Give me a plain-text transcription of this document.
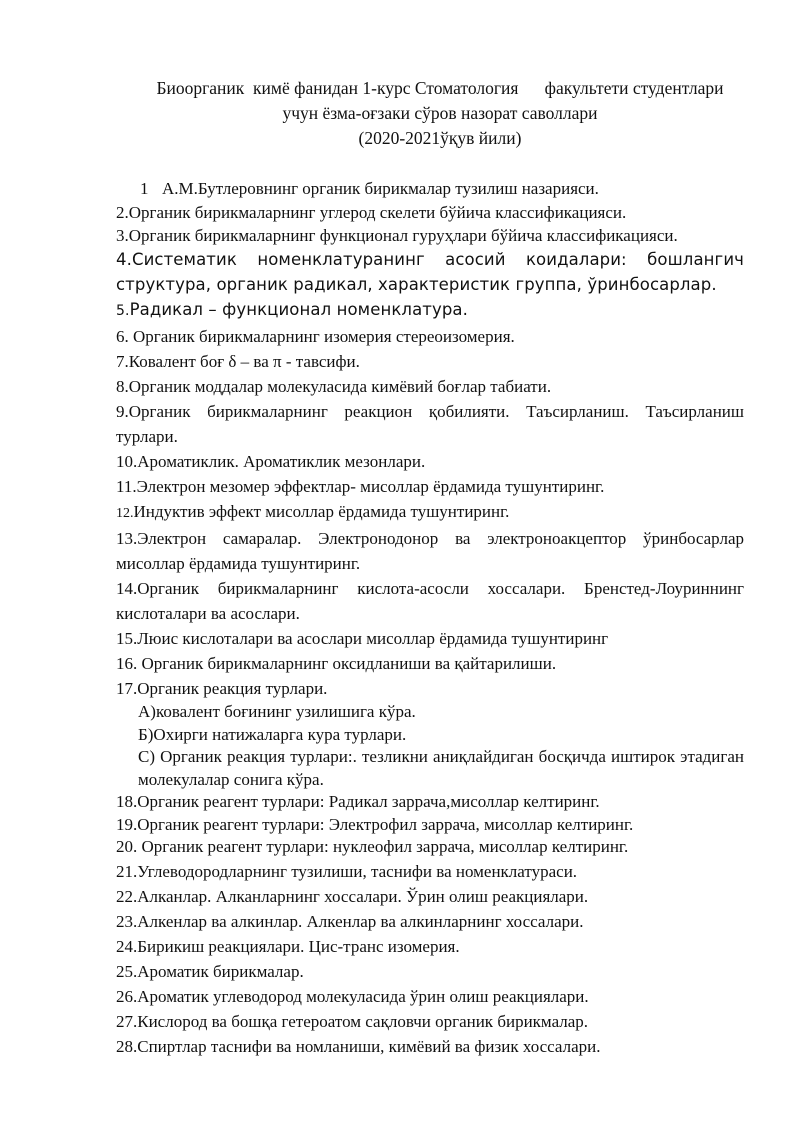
Биоорганик  кимё фанидан 1-курс Стоматология      факультети студентлари
учун ёзма-оғзаки сўров назорат саволлари
(2020-2021ўқув йили)
1 А.М.Бутлеровнинг органик бирикмалар тузилиш назарияси.
2.Органик бирикмаларнинг углерод скелети бўйича классификацияси.
3.Органик бирикмаларнинг функционал гуруҳлари бўйича классификацияси.
4.Систематик номенклатуранинг асосий коидалари: бошлангич структура, органик радикал, характеристик группа, ўринбосарлар.
5.Радикал – функционал номенклатура.
6. Органик бирикмаларнинг изомерия стереоизомерия.
7.Ковалент боғ δ – ва π - тавсифи.
8.Органик моддалар молекуласида кимёвий боғлар табиати.
9.Органик бирикмаларнинг реакцион қобилияти. Таъсирланиш. Таъсирланиш турлари.
10.Ароматиклик. Ароматиклик мезонлари.
11.Электрон мезомер эффектлар- мисоллар ёрдамида тушунтиринг.
12.Индуктив эффект мисоллар ёрдамида тушунтиринг.
13.Электрон самаралар. Электронодонор ва электроноакцептор ўринбосарлар мисоллар ёрдамида тушунтиринг.
14.Органик бирикмаларнинг кислота-асосли хоссалари. Бренстед-Лоуриннинг кислоталари ва асослари.
15.Люис кислоталари ва асослари мисоллар ёрдамида тушунтиринг
16. Органик бирикмаларнинг оксидланиши ва қайтарилиши.
17.Органик реакция турлари.
А)ковалент боғининг узилишига кўра.
Б)Охирги натижаларга кура турлари.
С) Органик реакция турлари:. тезликни аниқлайдиган босқичда иштирок этадиган молекулалар сонига кўра.
18.Органик реагент турлари: Радикал заррача,мисоллар келтиринг.
19.Органик реагент турлари: Электрофил заррача, мисоллар келтиринг.
20. Органик реагент турлари: нуклеофил заррача, мисоллар келтиринг.
21.Углеводородларнинг тузилиши, таснифи ва номенклатураси.
22.Алканлар. Алканларнинг хоссалари. Ўрин олиш реакциялари.
23.Алкенлар ва алкинлар. Алкенлар ва алкинларнинг хоссалари.
24.Бирикиш реакциялари. Цис-транс изомерия.
25.Ароматик бирикмалар.
26.Ароматик углеводород молекуласида ўрин олиш реакциялари.
27.Кислород ва бошқа гетероатом сақловчи органик бирикмалар.
28.Спиртлар таснифи ва номланиши, кимёвий ва физик хоссалари.
